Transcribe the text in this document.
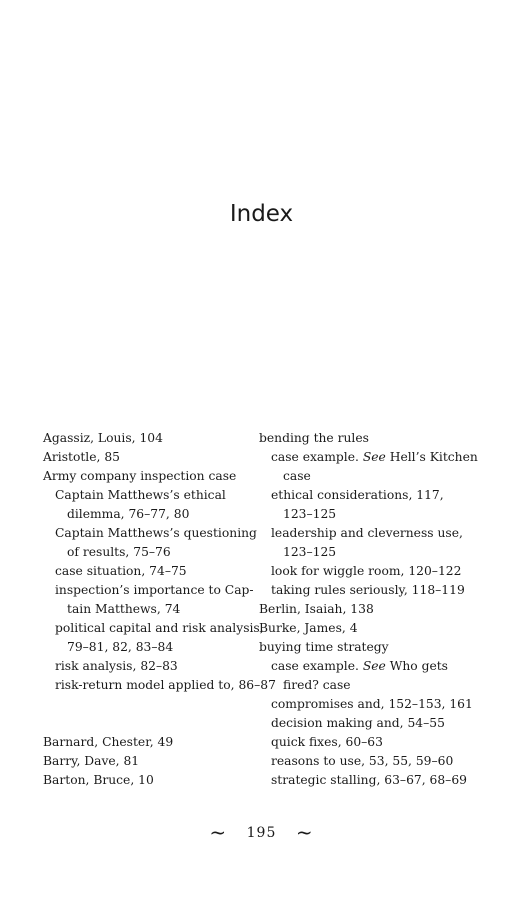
Index
Agassiz, Louis, 104
Aristotle, 85
Army company inspection case
Captain Matthews’s ethical
dilemma, 76–77, 80
Captain Matthews’s questioning
of results, 75–76
case situation, 74–75
inspection’s importance to Cap-
tain Matthews, 74
political capital and risk analysis,
79–81, 82, 83–84
risk analysis, 82–83
risk-return model applied to, 86–87
Barnard, Chester, 49
Barry, Dave, 81
Barton, Bruce, 10
bending the rules
case example. See Hell’s Kitchen
case
ethical considerations, 117,
123–125
leadership and cleverness use,
123–125
look for wiggle room, 120–122
taking rules seriously, 118–119
Berlin, Isaiah, 138
Burke, James, 4
buying time strategy
case example. See Who gets
fired? case
compromises and, 152–153, 161
decision making and, 54–55
quick fixes, 60–63
reasons to use, 53, 55, 59–60
strategic stalling, 63–67, 68–69
~ 195 ~
